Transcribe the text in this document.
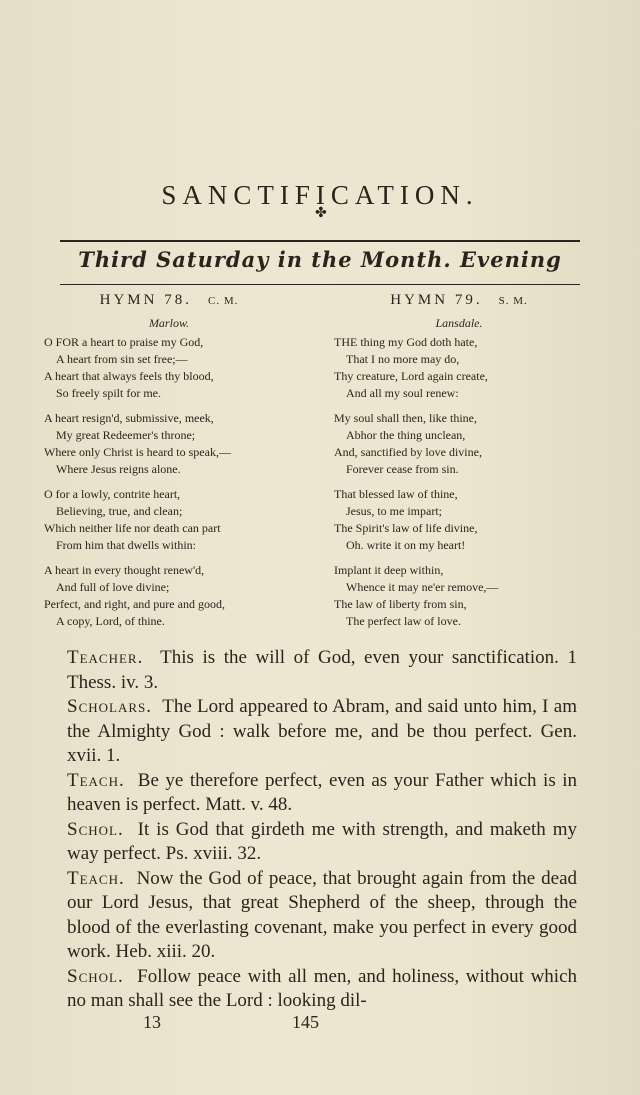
SANCTIFICATION.
✤
Third Saturday in the Month. Evening
HYMN 78. C. M.
Marlow.
O FOR a heart to praise my God,
A heart from sin set free;—
A heart that always feels thy blood,
So freely spilt for me.
A heart resign'd, submissive, meek,
My great Redeemer's throne;
Where only Christ is heard to speak,—
Where Jesus reigns alone.
O for a lowly, contrite heart,
Believing, true, and clean;
Which neither life nor death can part
From him that dwells within:
A heart in every thought renew'd,
And full of love divine;
Perfect, and right, and pure and good,
A copy, Lord, of thine.
HYMN 79. S. M.
Lansdale.
THE thing my God doth hate,
That I no more may do,
Thy creature, Lord again create,
And all my soul renew:
My soul shall then, like thine,
Abhor the thing unclean,
And, sanctified by love divine,
Forever cease from sin.
That blessed law of thine,
Jesus, to me impart;
The Spirit's law of life divine,
Oh. write it on my heart!
Implant it deep within,
Whence it may ne'er remove,—
The law of liberty from sin,
The perfect law of love.
Teacher. This is the will of God, even your sanctification. 1 Thess. iv. 3.
Scholars. The Lord appeared to Abram, and said unto him, I am the Almighty God : walk before me, and be thou perfect. Gen. xvii. 1.
Teach. Be ye therefore perfect, even as your Father which is in heaven is perfect. Matt. v. 48.
Schol. It is God that girdeth me with strength, and maketh my way perfect. Ps. xviii. 32.
Teach. Now the God of peace, that brought again from the dead our Lord Jesus, that great Shepherd of the sheep, through the blood of the everlasting covenant, make you perfect in every good work. Heb. xiii. 20.
Schol. Follow peace with all men, and holiness, without which no man shall see the Lord : looking dil-
13	145
